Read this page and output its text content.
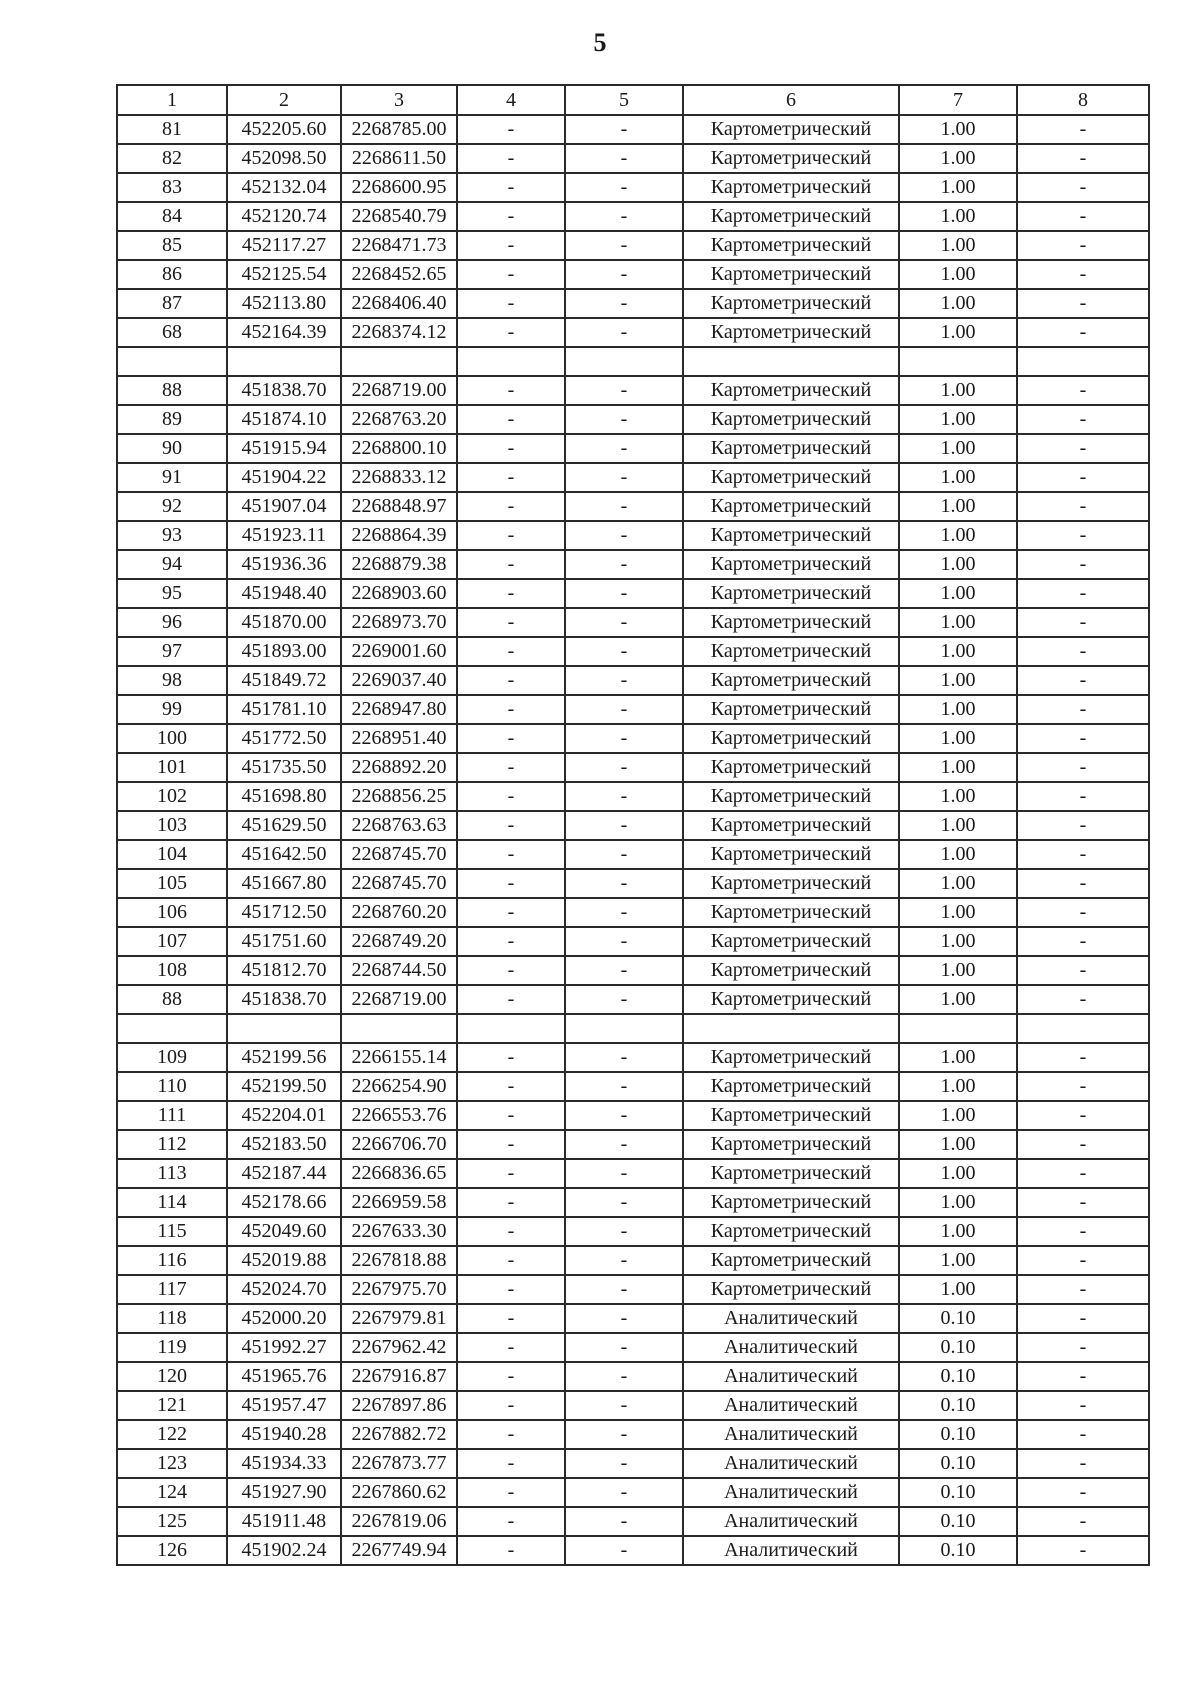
5
1	2	3	4	5	6	7	8
81	452205.60	2268785.00	-	-	Картометрический	1.00	-
82	452098.50	2268611.50	-	-	Картометрический	1.00	-
83	452132.04	2268600.95	-	-	Картометрический	1.00	-
84	452120.74	2268540.79	-	-	Картометрический	1.00	-
85	452117.27	2268471.73	-	-	Картометрический	1.00	-
86	452125.54	2268452.65	-	-	Картометрический	1.00	-
87	452113.80	2268406.40	-	-	Картометрический	1.00	-
68	452164.39	2268374.12	-	-	Картометрический	1.00	-

88	451838.70	2268719.00	-	-	Картометрический	1.00	-
89	451874.10	2268763.20	-	-	Картометрический	1.00	-
90	451915.94	2268800.10	-	-	Картометрический	1.00	-
91	451904.22	2268833.12	-	-	Картометрический	1.00	-
92	451907.04	2268848.97	-	-	Картометрический	1.00	-
93	451923.11	2268864.39	-	-	Картометрический	1.00	-
94	451936.36	2268879.38	-	-	Картометрический	1.00	-
95	451948.40	2268903.60	-	-	Картометрический	1.00	-
96	451870.00	2268973.70	-	-	Картометрический	1.00	-
97	451893.00	2269001.60	-	-	Картометрический	1.00	-
98	451849.72	2269037.40	-	-	Картометрический	1.00	-
99	451781.10	2268947.80	-	-	Картометрический	1.00	-
100	451772.50	2268951.40	-	-	Картометрический	1.00	-
101	451735.50	2268892.20	-	-	Картометрический	1.00	-
102	451698.80	2268856.25	-	-	Картометрический	1.00	-
103	451629.50	2268763.63	-	-	Картометрический	1.00	-
104	451642.50	2268745.70	-	-	Картометрический	1.00	-
105	451667.80	2268745.70	-	-	Картометрический	1.00	-
106	451712.50	2268760.20	-	-	Картометрический	1.00	-
107	451751.60	2268749.20	-	-	Картометрический	1.00	-
108	451812.70	2268744.50	-	-	Картометрический	1.00	-
88	451838.70	2268719.00	-	-	Картометрический	1.00	-

109	452199.56	2266155.14	-	-	Картометрический	1.00	-
110	452199.50	2266254.90	-	-	Картометрический	1.00	-
111	452204.01	2266553.76	-	-	Картометрический	1.00	-
112	452183.50	2266706.70	-	-	Картометрический	1.00	-
113	452187.44	2266836.65	-	-	Картометрический	1.00	-
114	452178.66	2266959.58	-	-	Картометрический	1.00	-
115	452049.60	2267633.30	-	-	Картометрический	1.00	-
116	452019.88	2267818.88	-	-	Картометрический	1.00	-
117	452024.70	2267975.70	-	-	Картометрический	1.00	-
118	452000.20	2267979.81	-	-	Аналитический	0.10	-
119	451992.27	2267962.42	-	-	Аналитический	0.10	-
120	451965.76	2267916.87	-	-	Аналитический	0.10	-
121	451957.47	2267897.86	-	-	Аналитический	0.10	-
122	451940.28	2267882.72	-	-	Аналитический	0.10	-
123	451934.33	2267873.77	-	-	Аналитический	0.10	-
124	451927.90	2267860.62	-	-	Аналитический	0.10	-
125	451911.48	2267819.06	-	-	Аналитический	0.10	-
126	451902.24	2267749.94	-	-	Аналитический	0.10	-
